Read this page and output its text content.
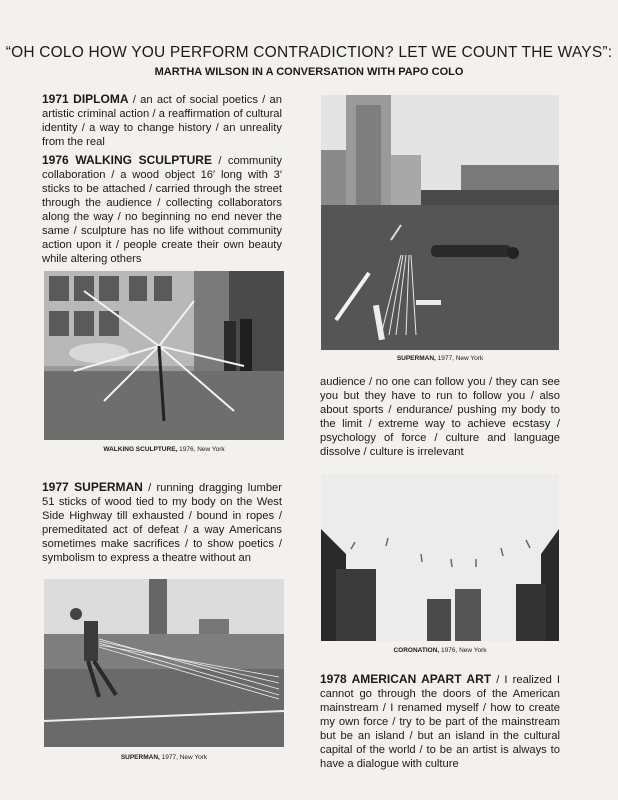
“OH COLO HOW YOU PERFORM CONTRADICTION? LET WE COUNT THE WAYS”:
MARTHA WILSON IN A CONVERSATION WITH PAPO COLO
1971 DIPLOMA / an act of social poetics / an artistic criminal action / a reaffirmation of cultural identity / a way to change history / an unreality from the real
1976 WALKING SCULPTURE / community collaboration / a wood object 16′ long with 3′ sticks to be attached / carried through the street through the audience / collecting collaborators along the way / no beginning no end never the same / sculpture has no life without community action upon it / people create their own beauty while altering others
WALKING SCULPTURE, 1976, New York
1977 SUPERMAN / running dragging lumber 51 sticks of wood tied to my body on the West Side Highway till exhausted / bound in ropes / premeditated act of defeat / a way Americans sometimes make sacrifices / to show poetics / symbolism to express a theatre without an
SUPERMAN, 1977, New York
SUPERMAN, 1977, New York
audience / no one can follow you / they can see you but they have to run to follow you / also about sports / endurance/ pushing my body to the limit / extreme way to achieve ecstasy / psychology of force / culture and language dissolve / culture is irrelevant
CORONATION, 1976, New York
1978 AMERICAN APART ART / I realized I cannot go through the doors of the American mainstream / I renamed myself / how to create my own force / try to be part of the mainstream but be an island / but an island in the cultural capital of the world / to be an artist is always to have a dialogue with culture
